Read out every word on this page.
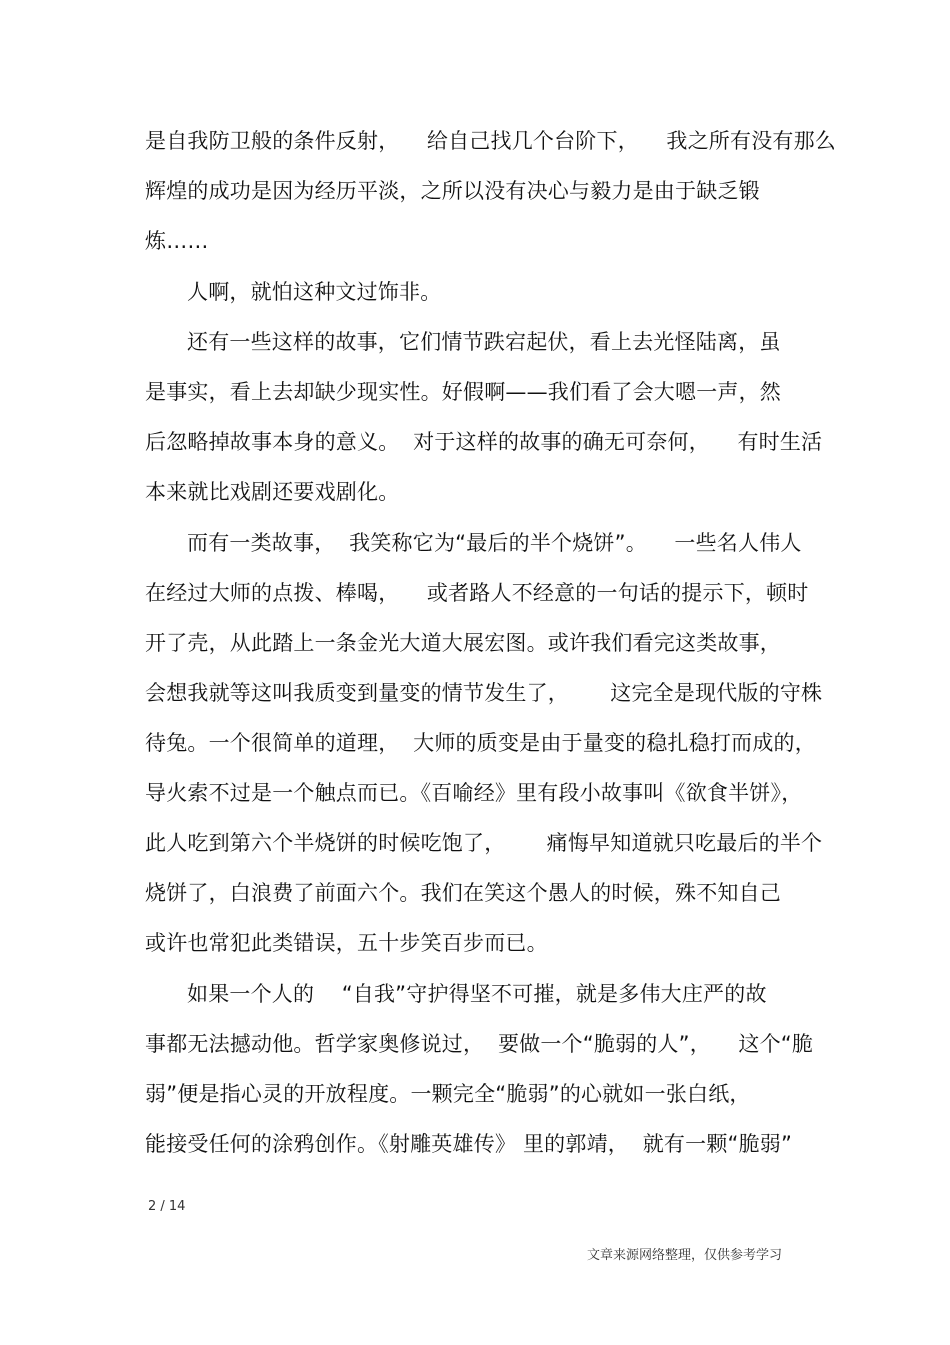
是自我防卫般的条件反射，    给自己找几个台阶下，    我之所有没有那么
辉煌的成功是因为经历平淡，之所以没有决心与毅力是由于缺乏锻
炼……
人啊，就怕这种文过饰非。
还有一些这样的故事，它们情节跌宕起伏，看上去光怪陆离，虽
是事实，看上去却缺少现实性。好假啊——我们看了会大嗯一声，然
后忽略掉故事本身的意义。  对于这样的故事的确无可奈何，    有时生活
本来就比戏剧还要戏剧化。
而有一类故事，  我笑称它为“最后的半个烧饼”。    一些名人伟人
在经过大师的点拨、棒喝，    或者路人不经意的一句话的提示下，顿时
开了壳，从此踏上一条金光大道大展宏图。或许我们看完这类故事，
会想我就等这叫我质变到量变的情节发生了，      这完全是现代版的守株
待兔。一个很简单的道理，  大师的质变是由于量变的稳扎稳打而成的，
导火索不过是一个触点而已。《百喻经》里有段小故事叫《欲食半饼》，
此人吃到第六个半烧饼的时候吃饱了，      痛悔早知道就只吃最后的半个
烧饼了，白浪费了前面六个。我们在笑这个愚人的时候，殊不知自己
或许也常犯此类错误，五十步笑百步而已。
如果一个人的    “自我”守护得坚不可摧，就是多伟大庄严的故
事都无法撼动他。哲学家奥修说过，  要做一个“脆弱的人”，    这个“脆
弱”便是指心灵的开放程度。一颗完全“脆弱”的心就如一张白纸，
能接受任何的涂鸦创作。《射雕英雄传》 里的郭靖，  就有一颗“脆弱”
2 / 14
文章来源网络整理，仅供参考学习
